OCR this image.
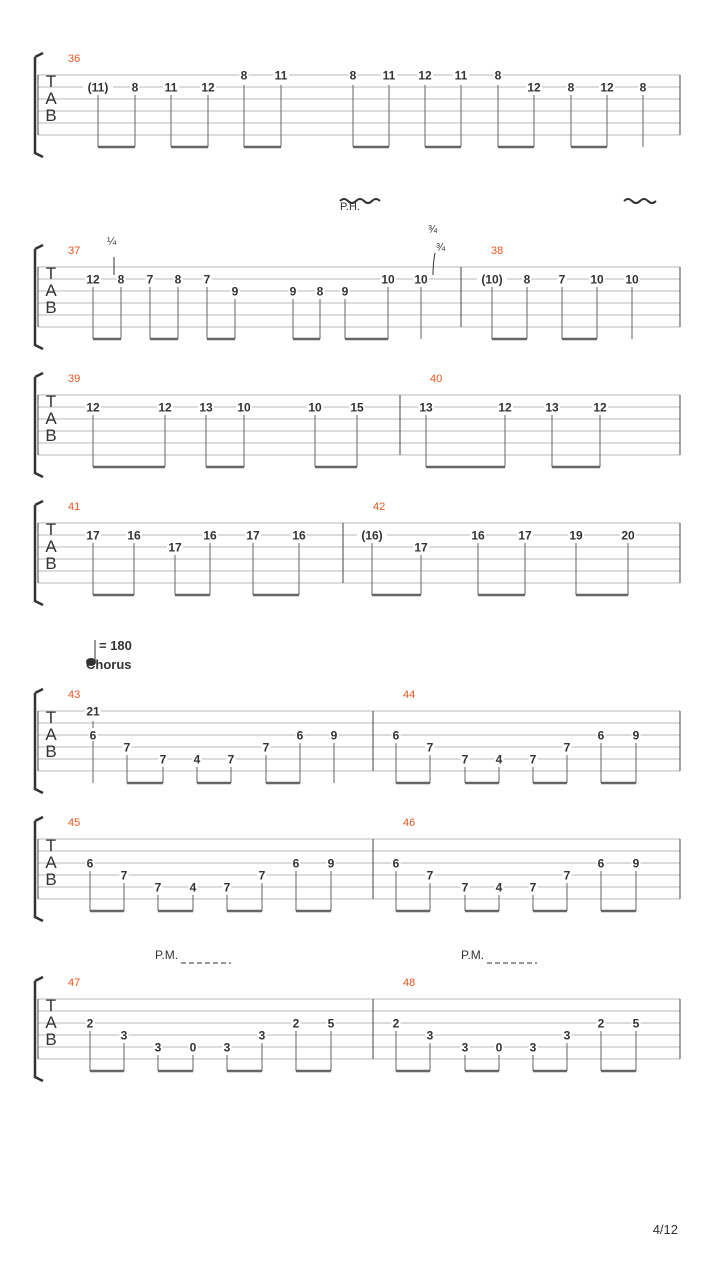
T
A
B
36
(11) 8 11 12
8 11	8 11 12 11 8
12 8 12 8
T
A
B
37
12 8 7 8 7
9	9 8 9
10 10
38
(10) 8 7 10 10
T
A
B
39
12	12 13 10	10 15
40
13	12	13	12
T
A
B
41
17 16
17
16 17	16
42
(16)
17
16	17	19	20
T
A
B
43
21
6
7
7 4 7
7
6 9
44
6
7
7 4 7
7
6 9
T
A
B
45
6
7
7 4 7
7
6 9
46
6
7
7 4 7
7
6 9
T
A
B
47
2
3
3 0 3
3
2 5
48
2
3
3 0 3
3
2 5
P.H.
¼
¾
¾
= 180
Chorus
P.M.	P.M.
4/12
